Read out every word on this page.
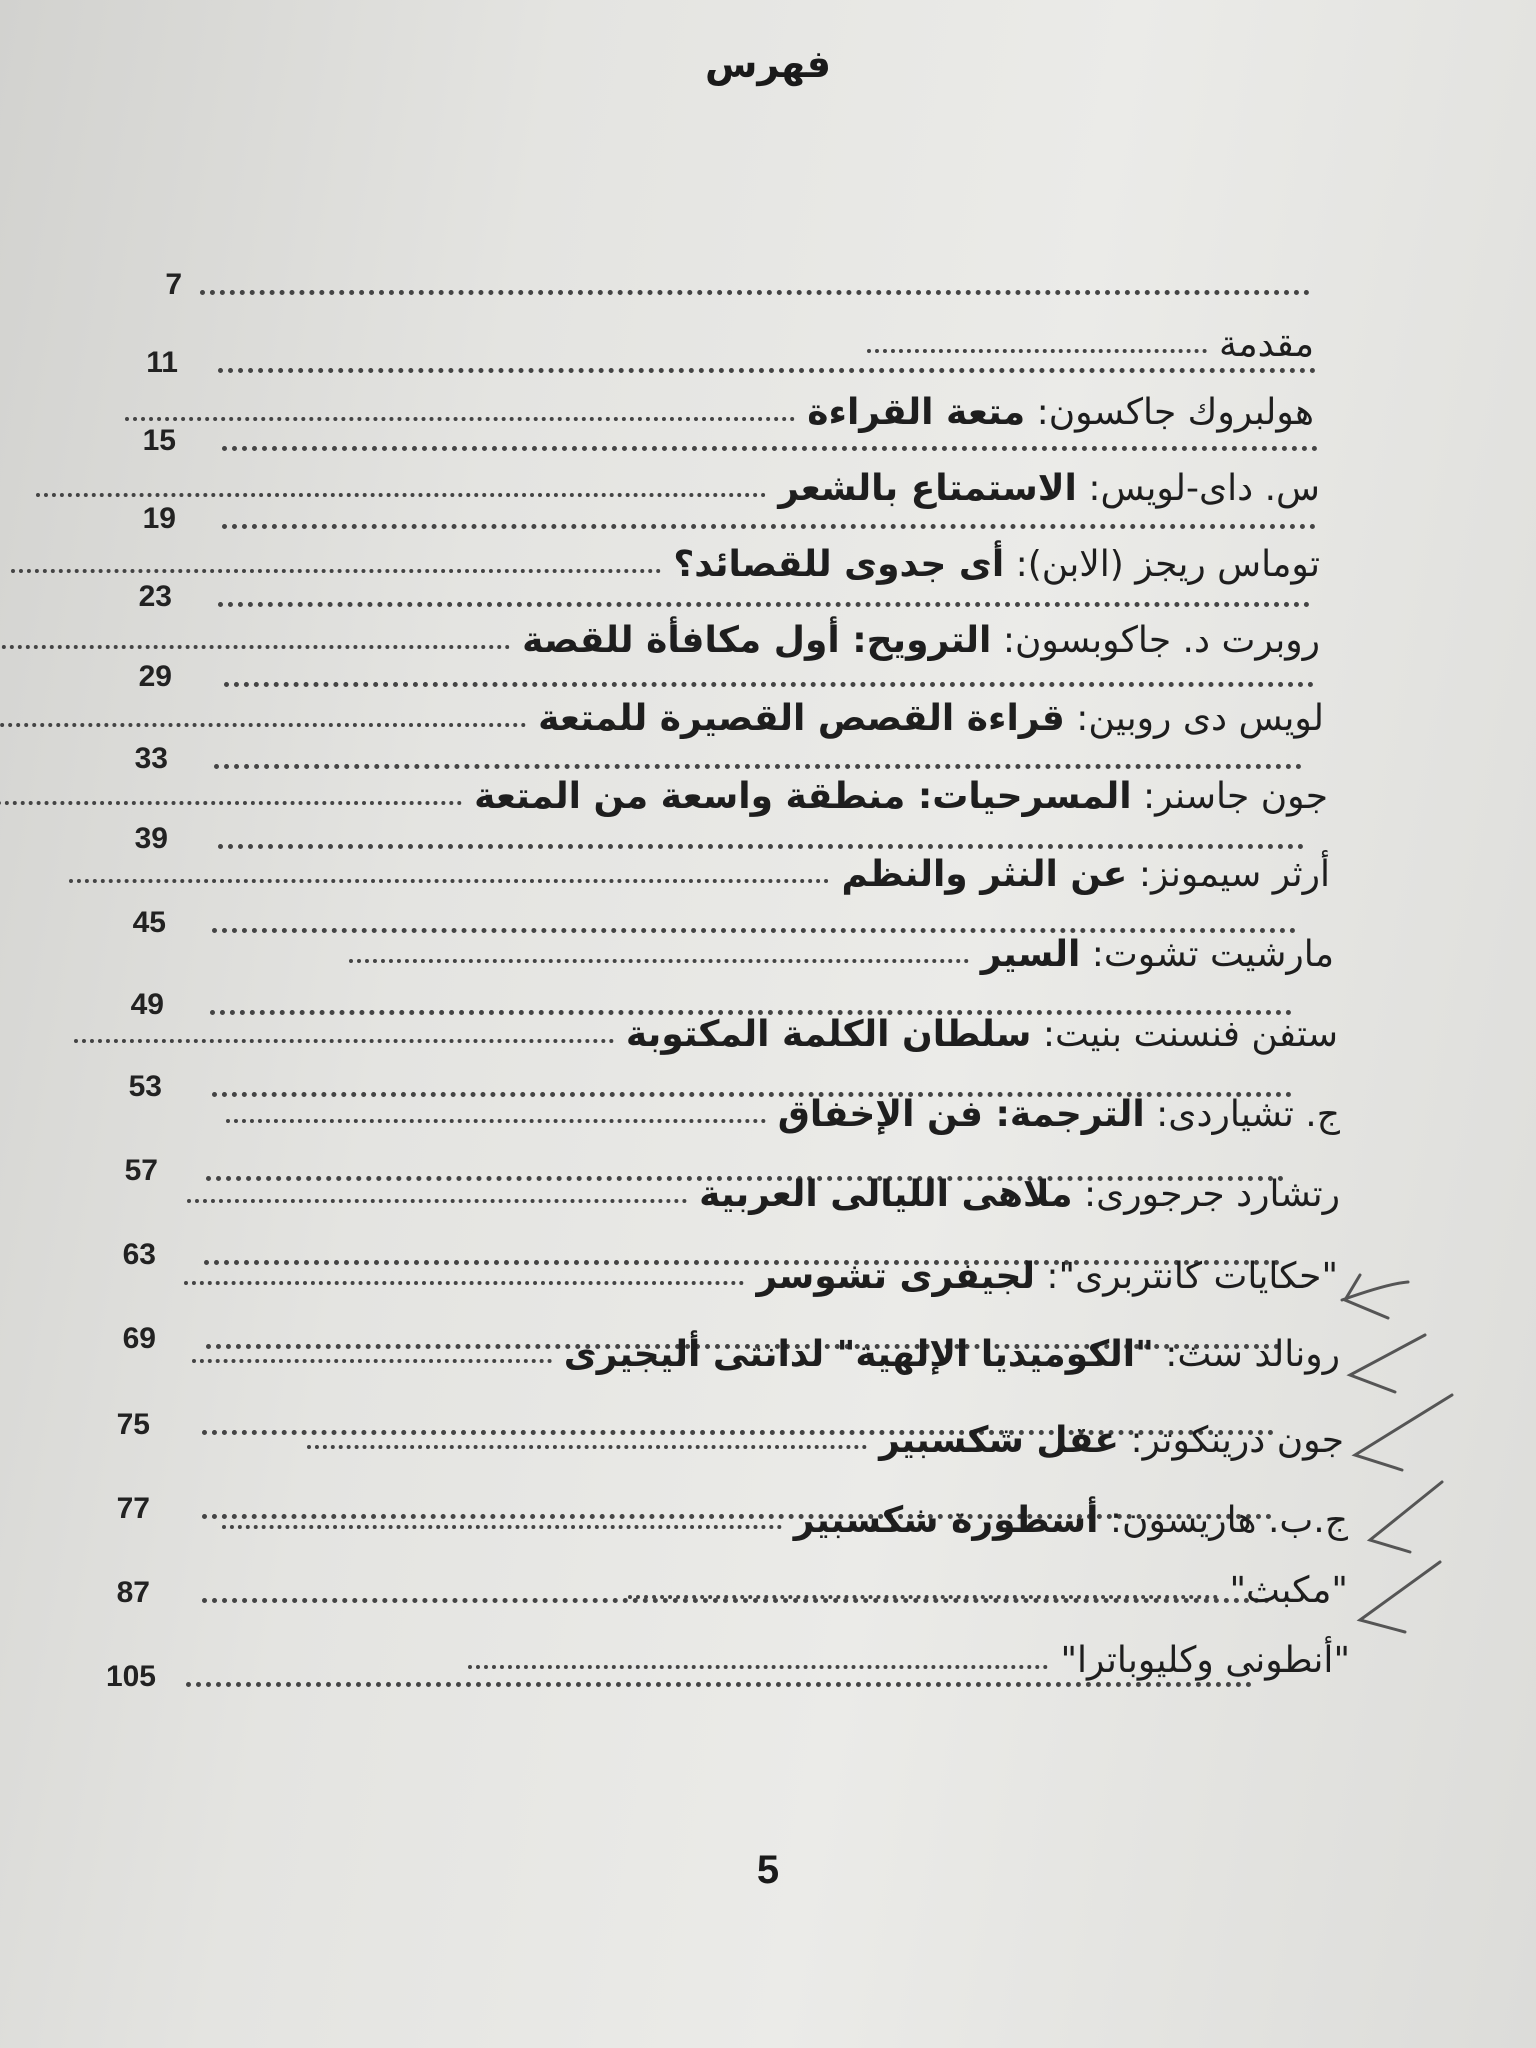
فهرس
7
11
15
19
23
29
33
39
45
49
53
57
63
69
75
77
87
105
مقدمة
هولبروك جاكسون: متعة القراءة
س. داى-لويس: الاستمتاع بالشعر
توماس ريجز (الابن): أى جدوى للقصائد؟
روبرت د. جاكوبسون: الترويح: أول مكافأة للقصة
لويس دى روبين: قراءة القصص القصيرة للمتعة
جون جاسنر: المسرحيات: منطقة واسعة من المتعة
أرثر سيمونز: عن النثر والنظم
مارشيت تشوت: السير
ستفن فنسنت بنيت: سلطان الكلمة المكتوبة
ج. تشياردى: الترجمة: فن الإخفاق
رتشارد جرجورى: ملاهى الليالى العربية
"حكايات كانتربرى": لجيفرى تشوسر
رونالد سث: "الكوميديا الإلهية" لدانتى أليجيرى
جون درينكوتر: عقل شكسبير
ج.ب. هاريسون: أسطورة شكسبير
"مكبث"
"أنطونى وكليوباترا"
5
